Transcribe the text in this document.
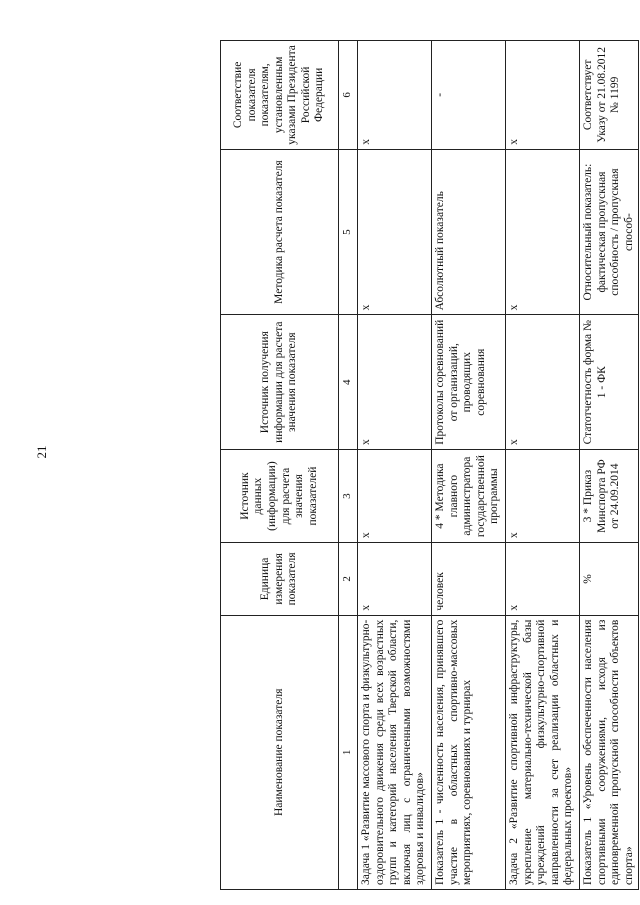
21
Наименование показателя	Единица измерения показателя	Источник данных (информации) для расчета значения показателей	Источник получения информации для расчета значения показателя	Методика расчета показателя	Соответствие показателя показателям, установленным указами Президента Российской Федерации
1	2	3	4	5	6
Задача 1 «Развитие массового спорта и физкультурно-оздоровительного движения среди всех возрастных групп и категорий населения Тверской области, включая лиц с ограниченными возможностями здоровья и инвалидов»	x	x	x	x	x
Показатель 1 - численность населения, принявшего участие в областных спортивно-массовых мероприятиях, соревнованиях и турнирах	человек	4 * Методика главного администратора государственной программы	Протоколы соревнований от организаций, проводящих соревнования	Абсолютный показатель	-
Задача 2 «Развитие спортивной инфраструктуры, укрепление материально-технической базы учреждений физкультурно-спортивной направленности за счет реализации областных и федеральных проектов»	x	x	x	x	x
Показатель 1 «Уровень обеспеченности населения спортивными сооружениями, исходя из единовременной пропускной способности объектов спорта»	%	3 * Приказ Минспорта РФ от 24.09.2014	Статотчетность форма № 1 - ФК	Относительный показатель: фактическая пропускная способность / пропускная способ-	Соответствует Указу от 21.08.2012 № 1199
